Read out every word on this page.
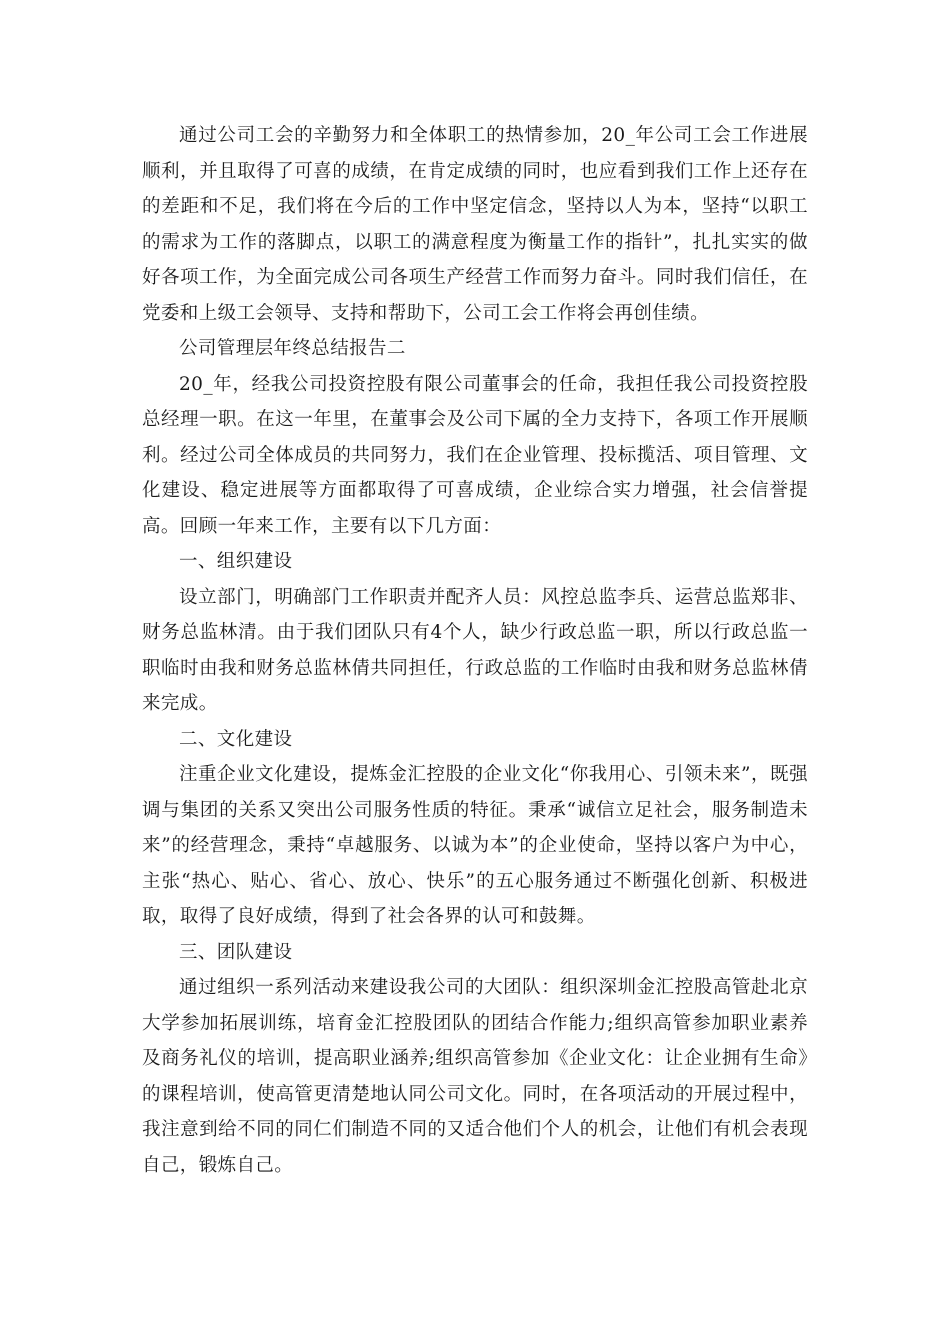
通过公司工会的辛勤努力和全体职工的热情参加，20_年公司工会工作进展顺利，并且取得了可喜的成绩，在肯定成绩的同时，也应看到我们工作上还存在的差距和不足，我们将在今后的工作中坚定信念，坚持以人为本，坚持“以职工的需求为工作的落脚点，以职工的满意程度为衡量工作的指针”，扎扎实实的做好各项工作，为全面完成公司各项生产经营工作而努力奋斗。同时我们信任，在党委和上级工会领导、支持和帮助下，公司工会工作将会再创佳绩。

公司管理层年终总结报告二

20_年，经我公司投资控股有限公司董事会的任命，我担任我公司投资控股总经理一职。在这一年里，在董事会及公司下属的全力支持下，各项工作开展顺利。经过公司全体成员的共同努力，我们在企业管理、投标揽活、项目管理、文化建设、稳定进展等方面都取得了可喜成绩，企业综合实力增强，社会信誉提高。回顾一年来工作，主要有以下几方面：

一、组织建设

设立部门，明确部门工作职责并配齐人员：风控总监李兵、运营总监郑非、财务总监林清。由于我们团队只有4个人，缺少行政总监一职，所以行政总监一职临时由我和财务总监林倩共同担任，行政总监的工作临时由我和财务总监林倩来完成。

二、文化建设

注重企业文化建设，提炼金汇控股的企业文化“你我用心、引领未来”，既强调与集团的关系又突出公司服务性质的特征。秉承“诚信立足社会，服务制造未来”的经营理念，秉持“卓越服务、以诚为本”的企业使命，坚持以客户为中心，主张“热心、贴心、省心、放心、快乐”的五心服务通过不断强化创新、积极进取，取得了良好成绩，得到了社会各界的认可和鼓舞。

三、团队建设

通过组织一系列活动来建设我公司的大团队：组织深圳金汇控股高管赴北京大学参加拓展训练，培育金汇控股团队的团结合作能力;组织高管参加职业素养及商务礼仪的培训，提高职业涵养;组织高管参加《企业文化：让企业拥有生命》的课程培训，使高管更清楚地认同公司文化。同时，在各项活动的开展过程中，我注意到给不同的同仁们制造不同的又适合他们个人的机会，让他们有机会表现自己，锻炼自己。
